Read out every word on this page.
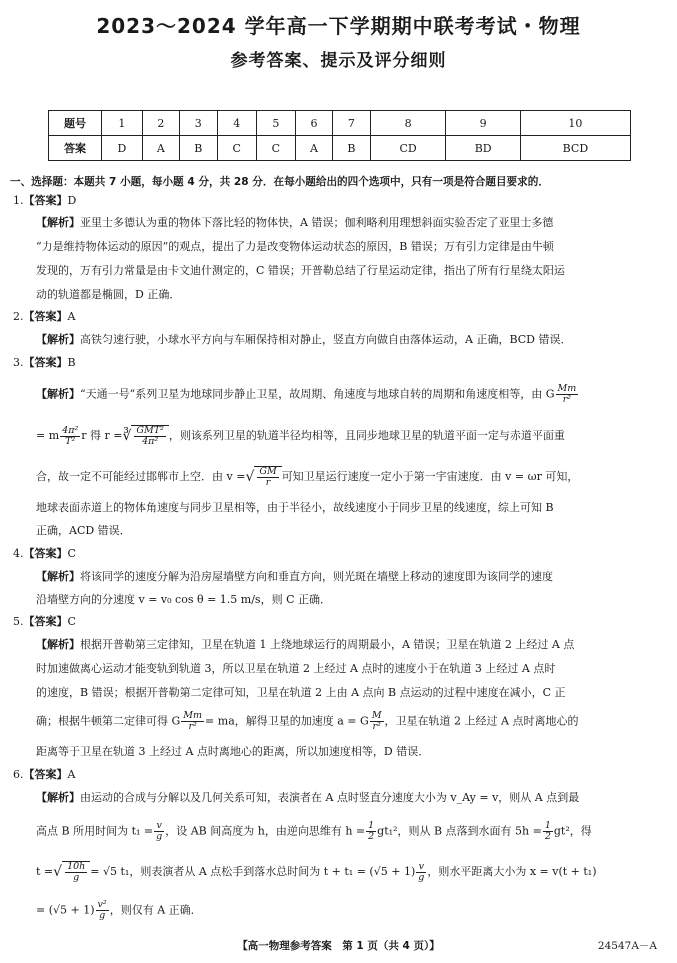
2023～2024 学年高一下学期期中联考考试・物理
参考答案、提示及评分细则
题号	1	2	3	4	5	6	7	8	9	10
答案	D	A	B	C	C	A	B	CD	BD	BCD
一、选择题：本题共 7 小题，每小题 4 分，共 28 分．在每小题给出的四个选项中，只有一项是符合题目要求的．
1.【答案】D
【解析】亚里士多德认为重的物体下落比轻的物体快，A 错误；伽利略利用理想斜面实验否定了亚里士多德
“力是维持物体运动的原因”的观点，提出了力是改变物体运动状态的原因，B 错误；万有引力定律是由牛顿
发现的，万有引力常量是由卡文迪什测定的，C 错误；开普勒总结了行星运动定律，指出了所有行星绕太阳运
动的轨道都是椭圆，D 正确．
2.【答案】A
【解析】高铁匀速行驶，小球水平方向与车厢保持相对静止，竖直方向做自由落体运动，A 正确，BCD 错误．
3.【答案】B
【解析】“天通一号”系列卫星为地球同步静止卫星，故周期、角速度与地球自转的周期和角速度相等，由 G $\frac{Mm}{\text{r²}}$
= m $\frac{\text{4π²}}{\text{T²}}$ r 得 r =∛ $\frac{\text{GMT²}}{\text{4π²}}$ ，则该系列卫星的轨道半径均相等，且同步地球卫星的轨道平面一定与赤道平面重
合，故一定不可能经过邯郸市上空．由 v =√ $\frac{GM}{r}$ 可知卫星运行速度一定小于第一宇宙速度．由 v = ωr 可知，
地球表面赤道上的物体角速度与同步卫星相等，由于半径小，故线速度小于同步卫星的线速度，综上可知 B
正确，ACD 错误．
4.【答案】C
【解析】将该同学的速度分解为沿房屋墙壁方向和垂直方向，则光斑在墙壁上移动的速度即为该同学的速度
沿墙壁方向的分速度 v = v₀ cos θ = 1.5 m/s，则 C 正确．
5.【答案】C
【解析】根据开普勒第三定律知，卫星在轨道 1 上绕地球运行的周期最小，A 错误；卫星在轨道 2 上经过 A 点
时加速做离心运动才能变轨到轨道 3，所以卫星在轨道 2 上经过 A 点时的速度小于在轨道 3 上经过 A 点时
的速度，B 错误；根据开普勒第二定律可知，卫星在轨道 2 上由 A 点向 B 点运动的过程中速度在减小，C 正
确；根据牛顿第二定律可得 G $\frac{Mm}{\text{r²}}$ = ma，解得卫星的加速度 a = G $\frac{M}{\text{r²}}$ ，卫星在轨道 2 上经过 A 点时离地心的
距离等于卫星在轨道 3 上经过 A 点时离地心的距离，所以加速度相等，D 错误．
6.【答案】A
【解析】由运动的合成与分解以及几何关系可知，表演者在 A 点时竖直分速度大小为 v_Ay = v，则从 A 点到最
高点 B 所用时间为 $t_1 = \frac{v}{g}$ ，设 AB 间高度为 h，由逆向思维有 $h = \frac{1}{2} gt_1^2$，则从 B 点落到水面有 $5h = \frac{1}{2} gt^2$，得
t =√ $\frac{10h}{g} = √5$ t₁，则表演者从 A 点松手到落水总时间为 $t + t_1 = (√5 + 1) \frac{v}{g}$ ，则水平距离大小为 x = v(t + t₁)
= $(√5 + 1) \frac{\text{v²}}{g}$ ，则仅有 A 正确．
【高一物理参考答案　第 1 页（共 4 页）】	24547A－A
